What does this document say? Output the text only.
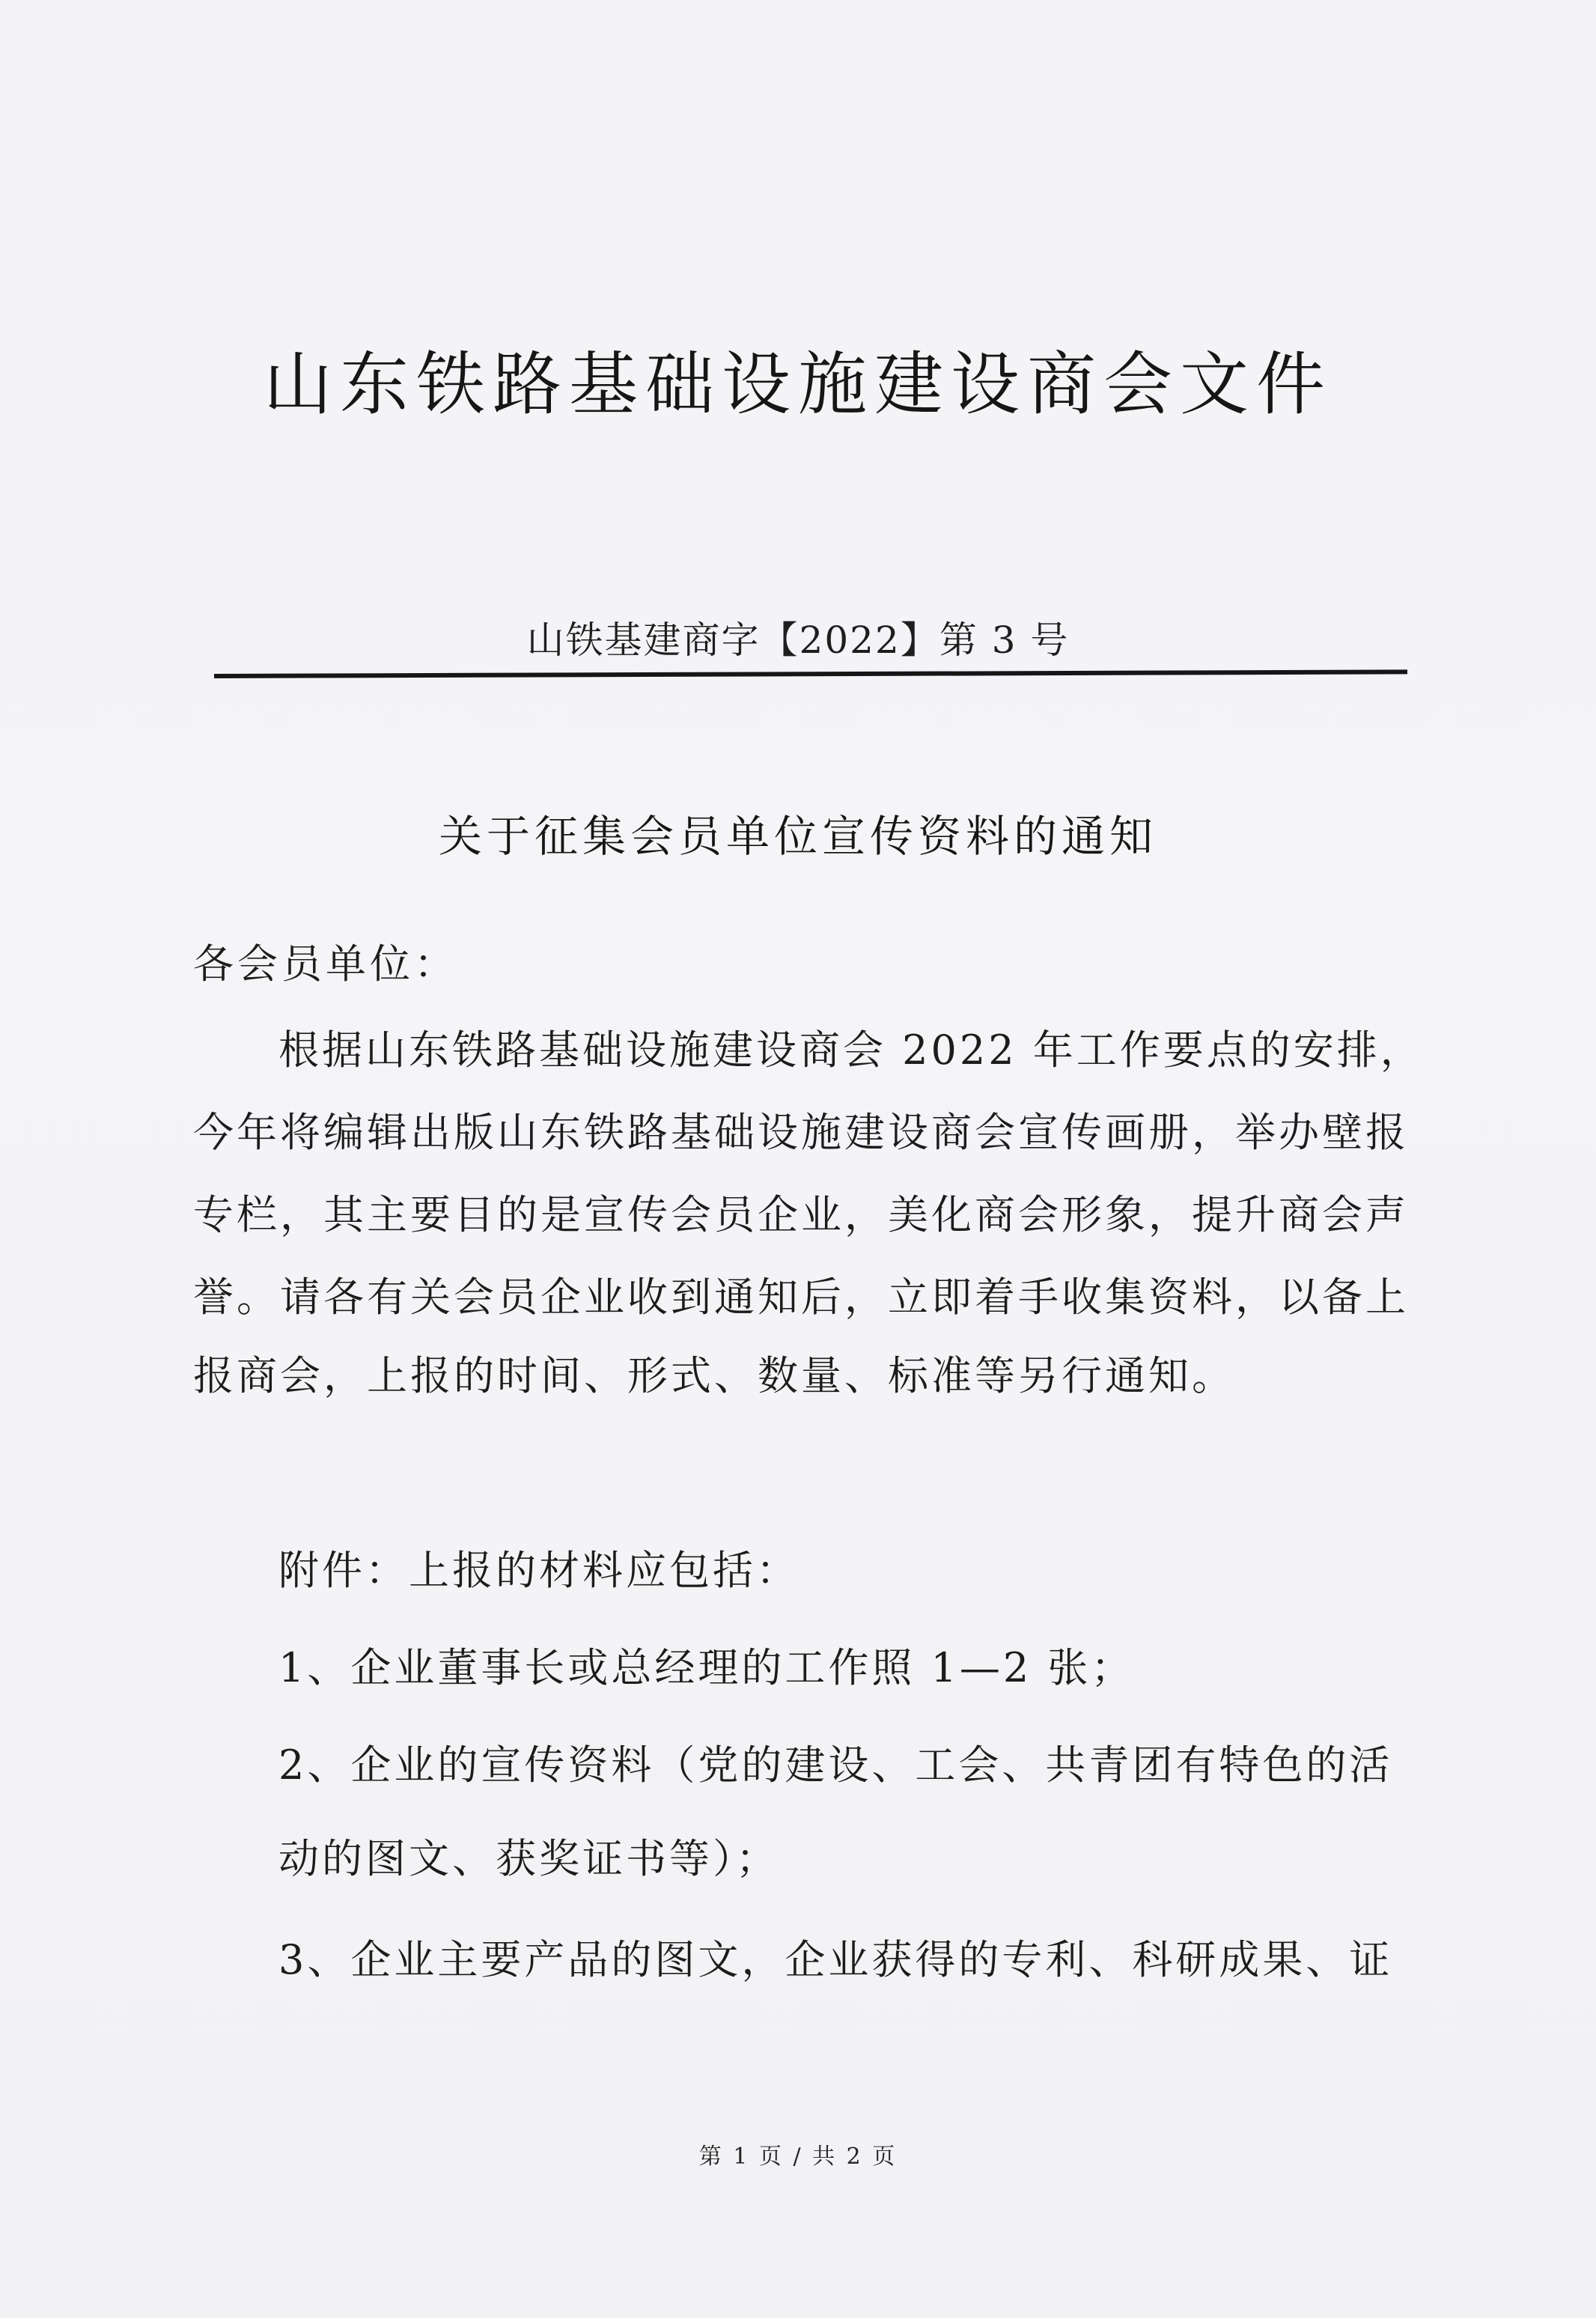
山东铁路基础设施建设商会文件
山铁基建商字【2022】第 3 号
关于征集会员单位宣传资料的通知
各会员单位：
根据山东铁路基础设施建设商会 2022 年工作要点的安排，
今年将编辑出版山东铁路基础设施建设商会宣传画册，举办壁报
专栏，其主要目的是宣传会员企业，美化商会形象，提升商会声
誉。请各有关会员企业收到通知后，立即着手收集资料，以备上
报商会，上报的时间、形式、数量、标准等另行通知。
附件：上报的材料应包括：
1、企业董事长或总经理的工作照 1—2 张；
2、企业的宣传资料（党的建设、工会、共青团有特色的活
动的图文、获奖证书等）；
3、企业主要产品的图文，企业获得的专利、科研成果、证
第 1 页 / 共 2 页
